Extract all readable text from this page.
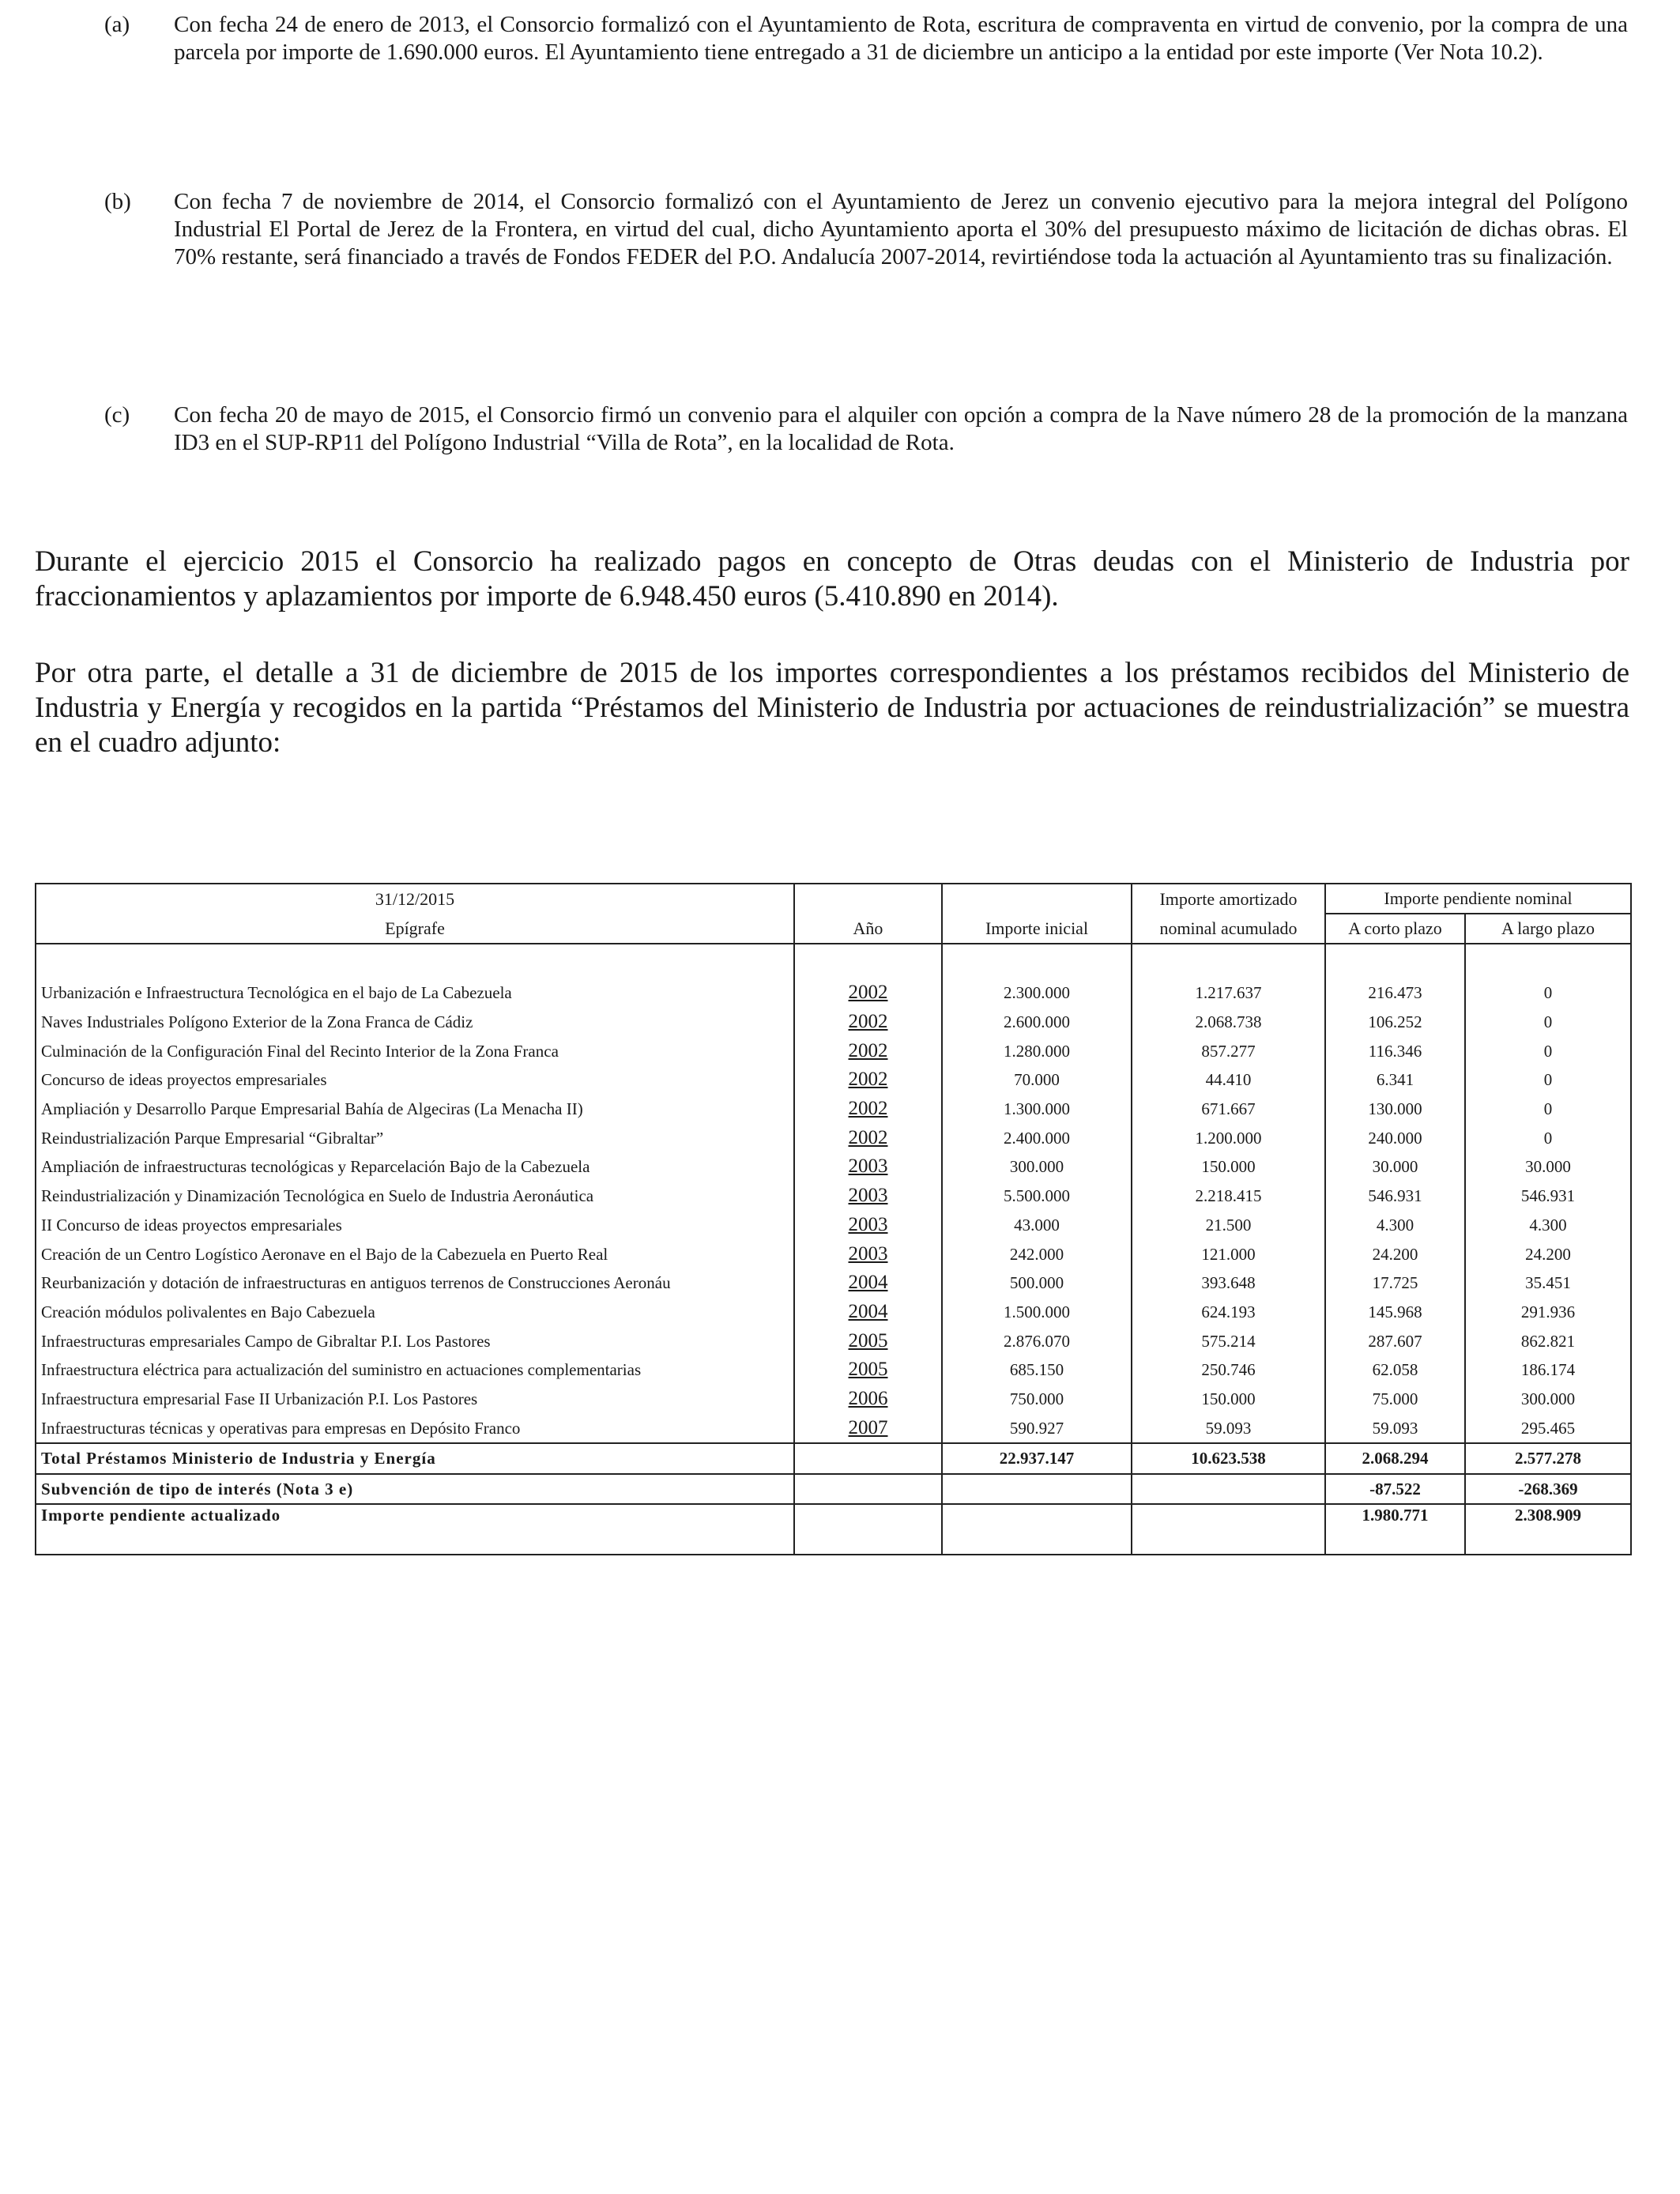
(a) Con fecha 24 de enero de 2013, el Consorcio formalizó con el Ayuntamiento de Rota, escritura de compraventa en virtud de convenio, por la compra de una parcela por importe de 1.690.000 euros. El Ayuntamiento tiene entregado a 31 de diciembre un anticipo a la entidad por este importe (Ver Nota 10.2).
(b) Con fecha 7 de noviembre de 2014, el Consorcio formalizó con el Ayuntamiento de Jerez un convenio ejecutivo para la mejora integral del Polígono Industrial El Portal de Jerez de la Frontera, en virtud del cual, dicho Ayuntamiento aporta el 30% del presupuesto máximo de licitación de dichas obras. El 70% restante, será financiado a través de Fondos FEDER del P.O. Andalucía 2007-2014, revirtiéndose toda la actuación al Ayuntamiento tras su finalización.
(c) Con fecha 20 de mayo de 2015, el Consorcio firmó un convenio para el alquiler con opción a compra de la Nave número 28 de la promoción de la manzana ID3 en el SUP-RP11 del Polígono Industrial “Villa de Rota”, en la localidad de Rota.

Durante el ejercicio 2015 el Consorcio ha realizado pagos en concepto de Otras deudas con el Ministerio de Industria por fraccionamientos y aplazamientos por importe de 6.948.450 euros (5.410.890 en 2014).

Por otra parte, el detalle a 31 de diciembre de 2015 de los importes correspondientes a los préstamos recibidos del Ministerio de Industria y Energía y recogidos en la partida “Préstamos del Ministerio de Industria por actuaciones de reindustrialización” se muestra en el cuadro adjunto:

31/12/2015			Importe amortizado	Importe pendiente nominal	
Epígrafe	Año	Importe inicial	nominal acumulado	A corto plazo	A largo plazo

Urbanización e Infraestructura Tecnológica en el bajo de La Cabezuela	2002	2.300.000	1.217.637	216.473	0
Naves Industriales Polígono Exterior de la Zona Franca de Cádiz	2002	2.600.000	2.068.738	106.252	0
Culminación de la Configuración Final del Recinto Interior de la Zona Franca	2002	1.280.000	857.277	116.346	0
Concurso de ideas proyectos empresariales	2002	70.000	44.410	6.341	0
Ampliación y Desarrollo Parque Empresarial Bahía de Algeciras (La Menacha II)	2002	1.300.000	671.667	130.000	0
Reindustrialización Parque Empresarial “Gibraltar”	2002	2.400.000	1.200.000	240.000	0
Ampliación de infraestructuras tecnológicas y Reparcelación Bajo de la Cabezuela	2003	300.000	150.000	30.000	30.000
Reindustrialización y Dinamización Tecnológica en Suelo de Industria Aeronáutica	2003	5.500.000	2.218.415	546.931	546.931
II Concurso de ideas proyectos empresariales	2003	43.000	21.500	4.300	4.300
Creación de un Centro Logístico Aeronave en el Bajo de la Cabezuela en Puerto Real	2003	242.000	121.000	24.200	24.200
Reurbanización y dotación de infraestructuras en antiguos terrenos de Construcciones Aeronáu	2004	500.000	393.648	17.725	35.451
Creación módulos polivalentes en Bajo Cabezuela	2004	1.500.000	624.193	145.968	291.936
Infraestructuras empresariales Campo de Gibraltar P.I. Los Pastores	2005	2.876.070	575.214	287.607	862.821
Infraestructura eléctrica para actualización del suministro en actuaciones complementarias	2005	685.150	250.746	62.058	186.174
Infraestructura empresarial Fase II Urbanización P.I. Los Pastores	2006	750.000	150.000	75.000	300.000
Infraestructuras técnicas y operativas para empresas en Depósito Franco	2007	590.927	59.093	59.093	295.465
Total Préstamos Ministerio de Industria y Energía		22.937.147	10.623.538	2.068.294	2.577.278
Subvención de tipo de interés (Nota 3 e)				-87.522	-268.369
Importe pendiente actualizado				1.980.771	2.308.909
